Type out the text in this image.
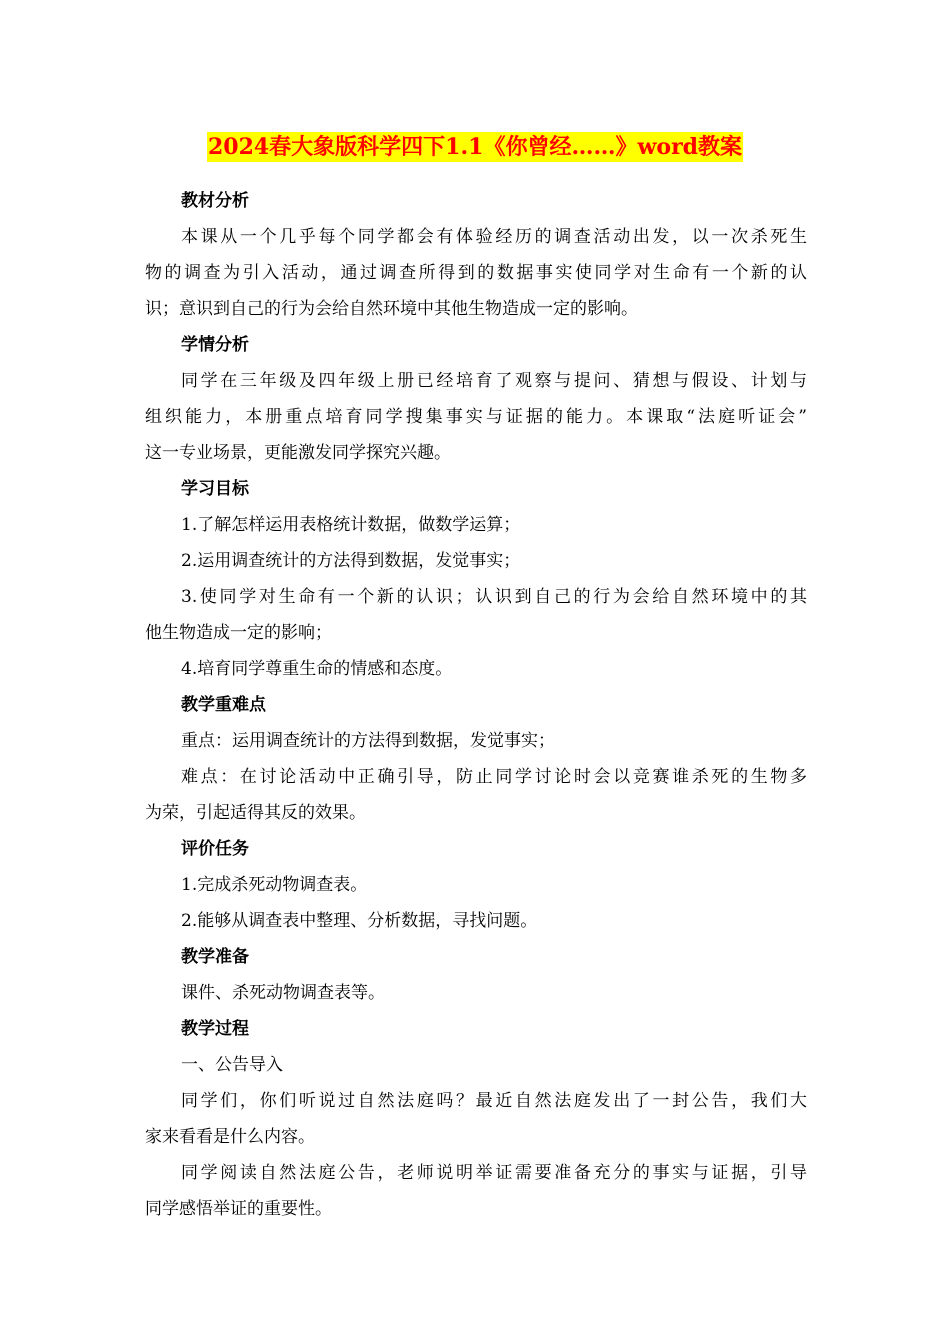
2024春大象版科学四下1.1《你曾经……》word教案
教材分析
本课从一个几乎每个同学都会有体验经历的调查活动出发，以一次杀死生
物的调查为引入活动，通过调查所得到的数据事实使同学对生命有一个新的认
识；意识到自己的行为会给自然环境中其他生物造成一定的影响。
学情分析
同学在三年级及四年级上册已经培育了观察与提问、猜想与假设、计划与
组织能力，本册重点培育同学搜集事实与证据的能力。本课取“法庭听证会”
这一专业场景，更能激发同学探究兴趣。
学习目标
1.了解怎样运用表格统计数据，做数学运算；
2.运用调查统计的方法得到数据，发觉事实；
3.使同学对生命有一个新的认识；认识到自己的行为会给自然环境中的其
他生物造成一定的影响；
4.培育同学尊重生命的情感和态度。
教学重难点
重点：运用调查统计的方法得到数据，发觉事实；
难点：在讨论活动中正确引导，防止同学讨论时会以竞赛谁杀死的生物多
为荣，引起适得其反的效果。
评价任务
1.完成杀死动物调查表。
2.能够从调查表中整理、分析数据，寻找问题。
教学准备
课件、杀死动物调查表等。
教学过程
一、公告导入
同学们，你们听说过自然法庭吗？最近自然法庭发出了一封公告，我们大
家来看看是什么内容。
同学阅读自然法庭公告，老师说明举证需要准备充分的事实与证据，引导
同学感悟举证的重要性。
